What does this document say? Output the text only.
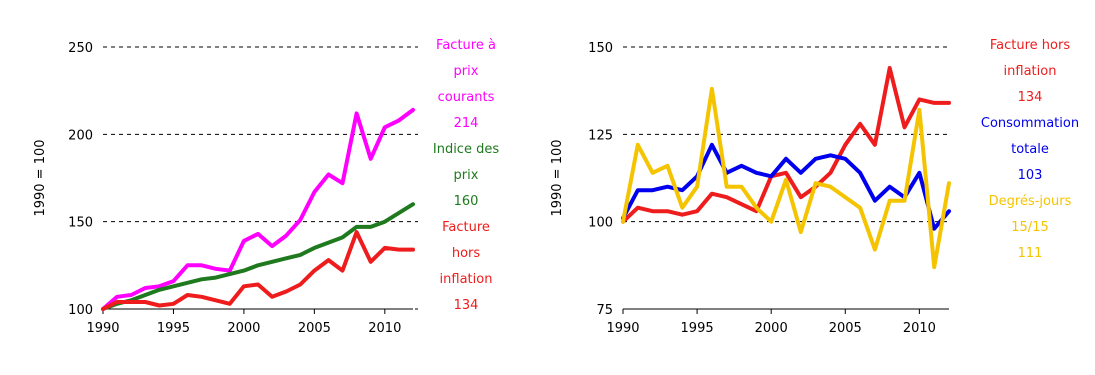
100
150
200
250
1990	1995	2000	2005	2010
1990 = 100
Facture à
prix
courants
214
Indice des
prix
160
Facture
hors
inflation
134	75
100
125
150
1990	1995	2000	2005	2010
1990 = 100
Facture hors
inflation
134
Consommation
totale
103
Degrés-jours
15/15
111
